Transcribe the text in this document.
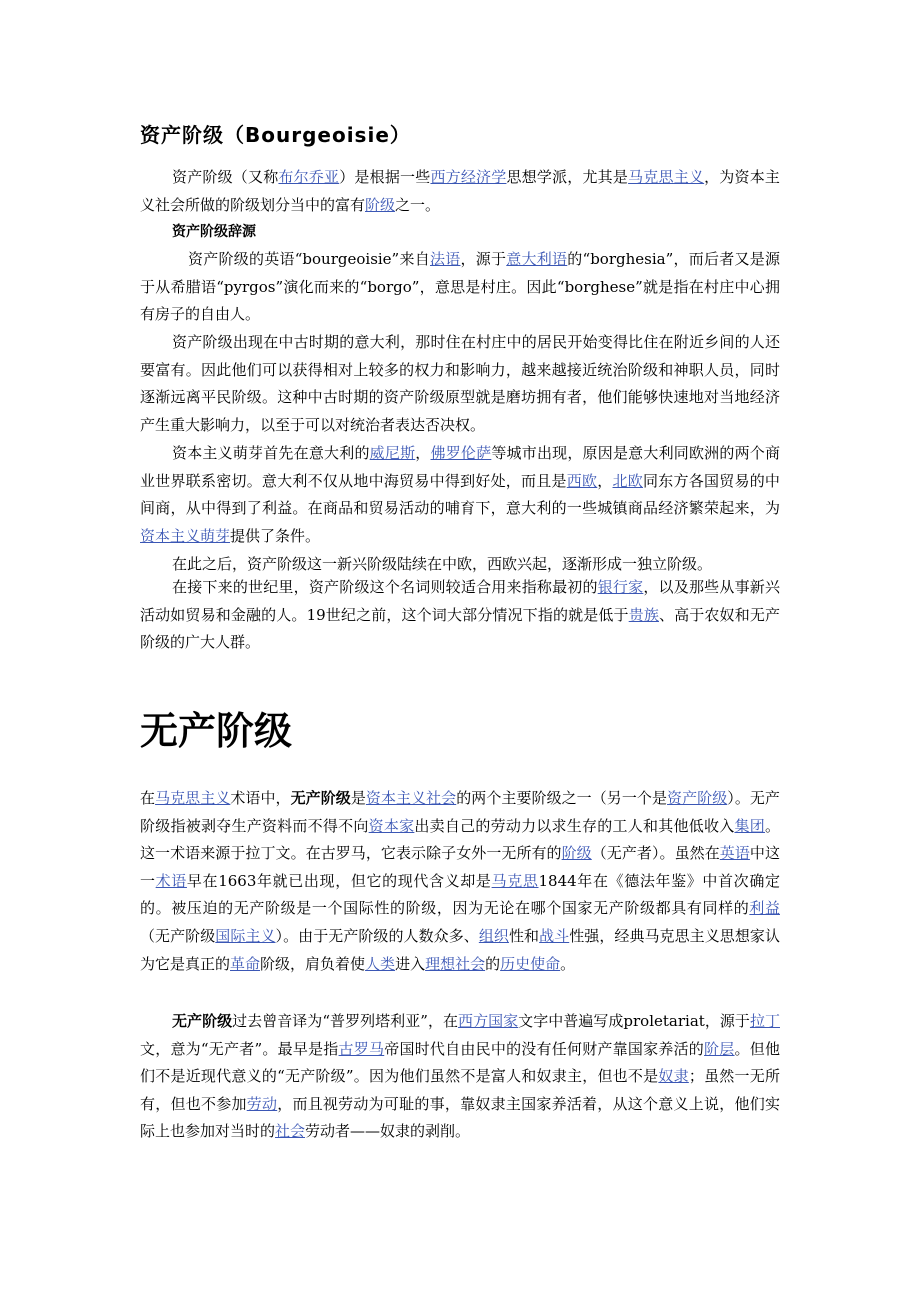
资产阶级（Bourgeoisie）

资产阶级（又称布尔乔亚）是根据一些西方经济学思想学派，尤其是马克思主义，为资本主义社会所做的阶级划分当中的富有阶级之一。

资产阶级辞源

资产阶级的英语“bourgeoisie”来自法语，源于意大利语的“borghesia”，而后者又是源于从希腊语“pyrgos”演化而来的“borgo”，意思是村庄。因此“borghese”就是指在村庄中心拥有房子的自由人。

资产阶级出现在中古时期的意大利，那时住在村庄中的居民开始变得比住在附近乡间的人还要富有。因此他们可以获得相对上较多的权力和影响力，越来越接近统治阶级和神职人员，同时逐渐远离平民阶级。这种中古时期的资产阶级原型就是磨坊拥有者，他们能够快速地对当地经济产生重大影响力，以至于可以对统治者表达否决权。

资本主义萌芽首先在意大利的威尼斯，佛罗伦萨等城市出现，原因是意大利同欧洲的两个商业世界联系密切。意大利不仅从地中海贸易中得到好处，而且是西欧，北欧同东方各国贸易的中间商，从中得到了利益。在商品和贸易活动的哺育下，意大利的一些城镇商品经济繁荣起来，为资本主义萌芽提供了条件。

在此之后，资产阶级这一新兴阶级陆续在中欧，西欧兴起，逐渐形成一独立阶级。

在接下来的世纪里，资产阶级这个名词则较适合用来指称最初的银行家，以及那些从事新兴活动如贸易和金融的人。19世纪之前，这个词大部分情况下指的就是低于贵族、高于农奴和无产阶级的广大人群。

无产阶级

在马克思主义术语中，无产阶级是资本主义社会的两个主要阶级之一（另一个是资产阶级）。无产阶级指被剥夺生产资料而不得不向资本家出卖自己的劳动力以求生存的工人和其他低收入集团。这一术语来源于拉丁文。在古罗马，它表示除子女外一无所有的阶级（无产者）。虽然在英语中这一术语早在1663年就已出现，但它的现代含义却是马克思1844年在《德法年鉴》中首次确定的。被压迫的无产阶级是一个国际性的阶级，因为无论在哪个国家无产阶级都具有同样的利益（无产阶级国际主义）。由于无产阶级的人数众多、组织性和战斗性强，经典马克思主义思想家认为它是真正的革命阶级，肩负着使人类进入理想社会的历史使命。

无产阶级过去曾音译为“普罗列塔利亚”，在西方国家文字中普遍写成proletariat，源于拉丁文，意为“无产者”。最早是指古罗马帝国时代自由民中的没有任何财产靠国家养活的阶层。但他们不是近现代意义的“无产阶级”。因为他们虽然不是富人和奴隶主，但也不是奴隶；虽然一无所有，但也不参加劳动，而且视劳动为可耻的事，靠奴隶主国家养活着，从这个意义上说，他们实际上也参加对当时的社会劳动者——奴隶的剥削。
